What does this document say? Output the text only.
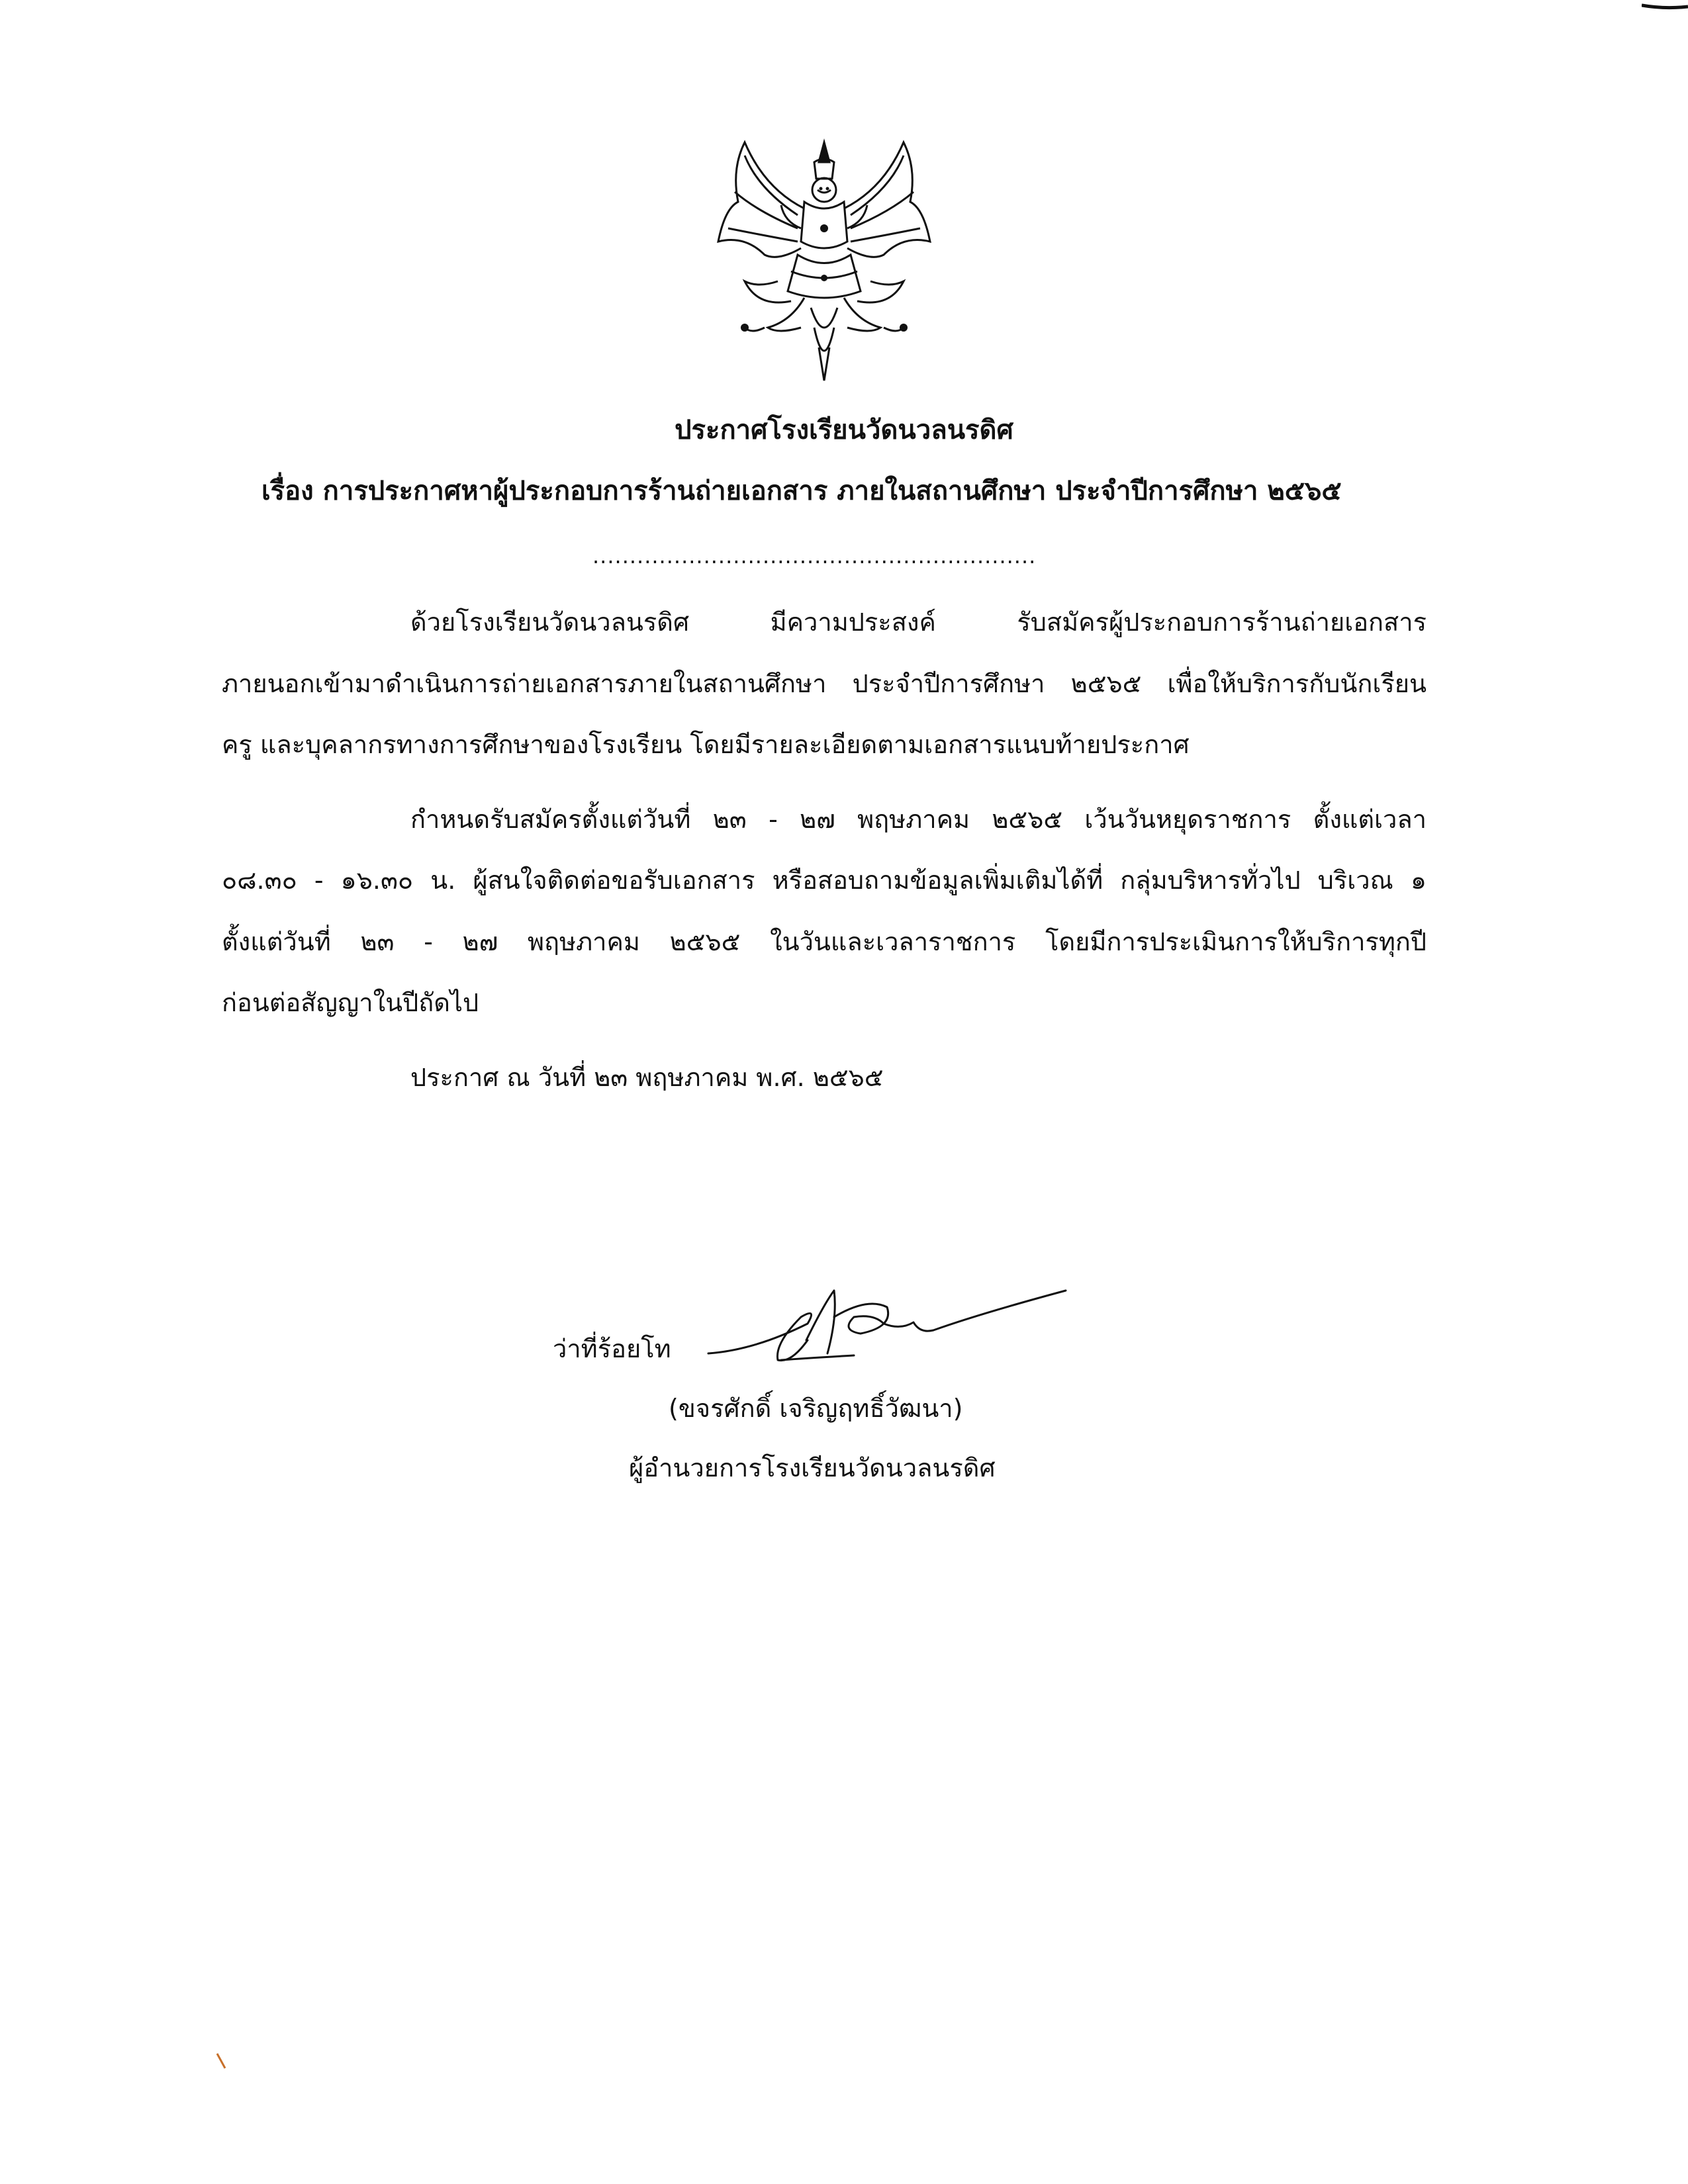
ประกาศโรงเรียนวัดนวลนรดิศ
เรื่อง การประกาศหาผู้ประกอบการร้านถ่ายเอกสาร ภายในสถานศึกษา ประจำปีการศึกษา ๒๕๖๕
............................................................
ด้วยโรงเรียนวัดนวลนรดิศ มีความประสงค์ รับสมัครผู้ประกอบการร้านถ่ายเอกสาร
ภายนอกเข้ามาดำเนินการถ่ายเอกสารภายในสถานศึกษา ประจำปีการศึกษา ๒๕๖๕ เพื่อให้บริการกับนักเรียน
ครู และบุคลากรทางการศึกษาของโรงเรียน โดยมีรายละเอียดตามเอกสารแนบท้ายประกาศ
กำหนดรับสมัครตั้งแต่วันที่ ๒๓ - ๒๗ พฤษภาคม ๒๕๖๕ เว้นวันหยุดราชการ ตั้งแต่เวลา
๐๘.๓๐ - ๑๖.๓๐ น. ผู้สนใจติดต่อขอรับเอกสาร หรือสอบถามข้อมูลเพิ่มเติมได้ที่ กลุ่มบริหารทั่วไป บริเวณ ๑
ตั้งแต่วันที่ ๒๓ - ๒๗ พฤษภาคม ๒๕๖๕ ในวันและเวลาราชการ โดยมีการประเมินการให้บริการทุกปี
ก่อนต่อสัญญาในปีถัดไป
ประกาศ ณ วันที่ ๒๓ พฤษภาคม พ.ศ. ๒๕๖๕
ว่าที่ร้อยโท
(ขจรศักดิ์ เจริญฤทธิ์วัฒนา)
ผู้อำนวยการโรงเรียนวัดนวลนรดิศ
